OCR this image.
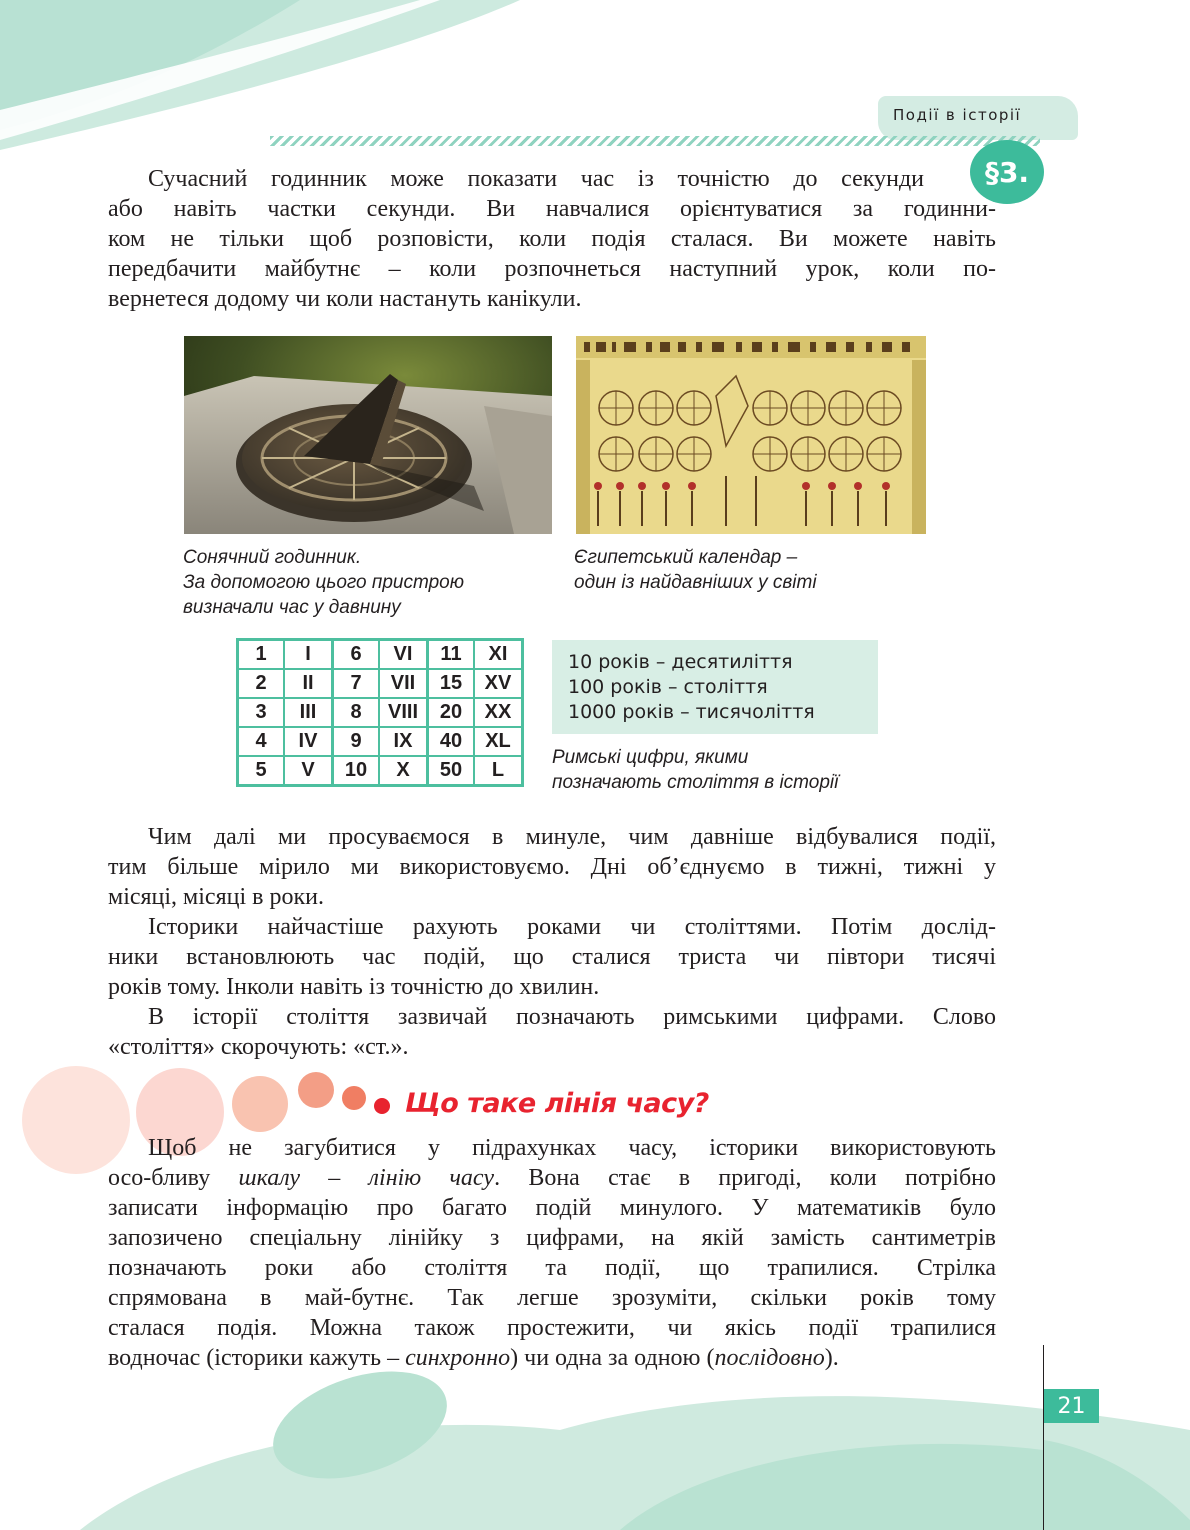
Події в історії
§3.
Сучасний годинник може показати час із точністю до секунди
або навіть частки секунди. Ви навчалися орієнтуватися за годинни-
ком не тільки щоб розповісти, коли подія сталася. Ви можете навіть
передбачити майбутнє – коли розпочнеться наступний урок, коли по-
вернетеся додому чи коли настануть канікули.
Сонячний годинник.
За допомогою цього пристрою
визначали час у давнину
Єгипетський календар –
один із найдавніших у світі
1	I	6	VI	11	XI
2	II	7	VII	15	XV
3	III	8	VIII	20	XX
4	IV	9	IX	40	XL
5	V	10	X	50	L
10 років – десятиліття
100 років – століття
1000 років – тисячоліття
Римські цифри, якими
позначають століття в історії
Чим далі ми просуваємося в минуле, чим давніше відбувалися події,
тим більше мірило ми використовуємо. Дні об’єднуємо в тижні, тижні у
місяці, місяці в роки.
Історики найчастіше рахують роками чи століттями. Потім дослід-
ники встановлюють час подій, що сталися триста чи півтори тисячі
років тому. Інколи навіть із точністю до хвилин.
В історії століття зазвичай позначають римськими цифрами. Слово
«століття» скорочують: «ст.».
Що таке лінія часу?
Щоб не загубитися у підрахунках часу, історики використовують
осо-бливу шкалу – лінію часу. Вона стає в пригоді, коли потрібно
записати інформацію про багато подій минулого. У математиків було
запозичено спеціальну лінійку з цифрами, на якій замість сантиметрів
позначають роки або століття та події, що трапилися. Стрілка
спрямована в май-бутнє. Так легше зрозуміти, скільки років тому
сталася подія. Можна також простежити, чи якісь події трапилися
водночас (історики кажуть – синхронно) чи одна за одною (послідовно).
21
